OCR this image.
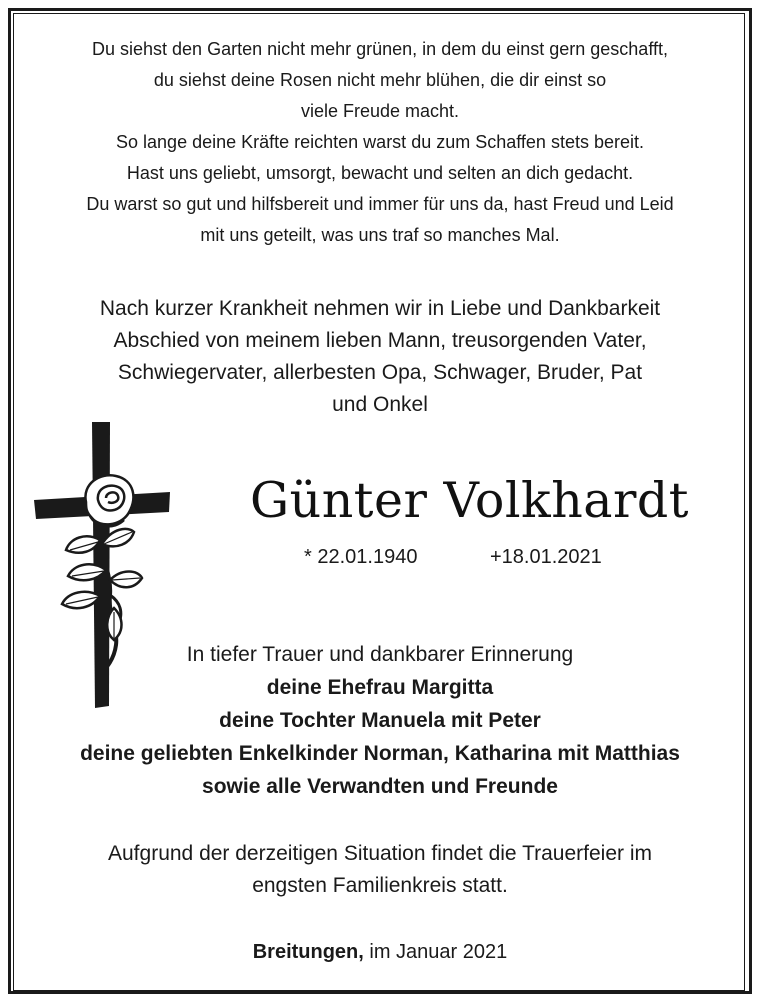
Du siehst den Garten nicht mehr grünen, in dem du einst gern geschafft,
du siehst deine Rosen nicht mehr blühen, die dir einst so
viele Freude macht.
So lange deine Kräfte reichten warst du zum Schaffen stets bereit.
Hast uns geliebt, umsorgt, bewacht und selten an dich gedacht.
Du warst so gut und hilfsbereit und immer für uns da, hast Freud und Leid
mit uns geteilt, was uns traf so manches Mal.
Nach kurzer Krankheit nehmen wir in Liebe und Dankbarkeit
Abschied von meinem lieben Mann, treusorgenden Vater,
Schwiegervater, allerbesten Opa, Schwager, Bruder, Pat
und Onkel
Günter Volkhardt
* 22.01.1940	+18.01.2021
In tiefer Trauer und dankbarer Erinnerung
deine Ehefrau Margitta
deine Tochter Manuela mit Peter
deine geliebten Enkelkinder Norman, Katharina mit Matthias
sowie alle Verwandten und Freunde
Aufgrund der derzeitigen Situation findet die Trauerfeier im
engsten Familienkreis statt.
Breitungen, im Januar 2021
